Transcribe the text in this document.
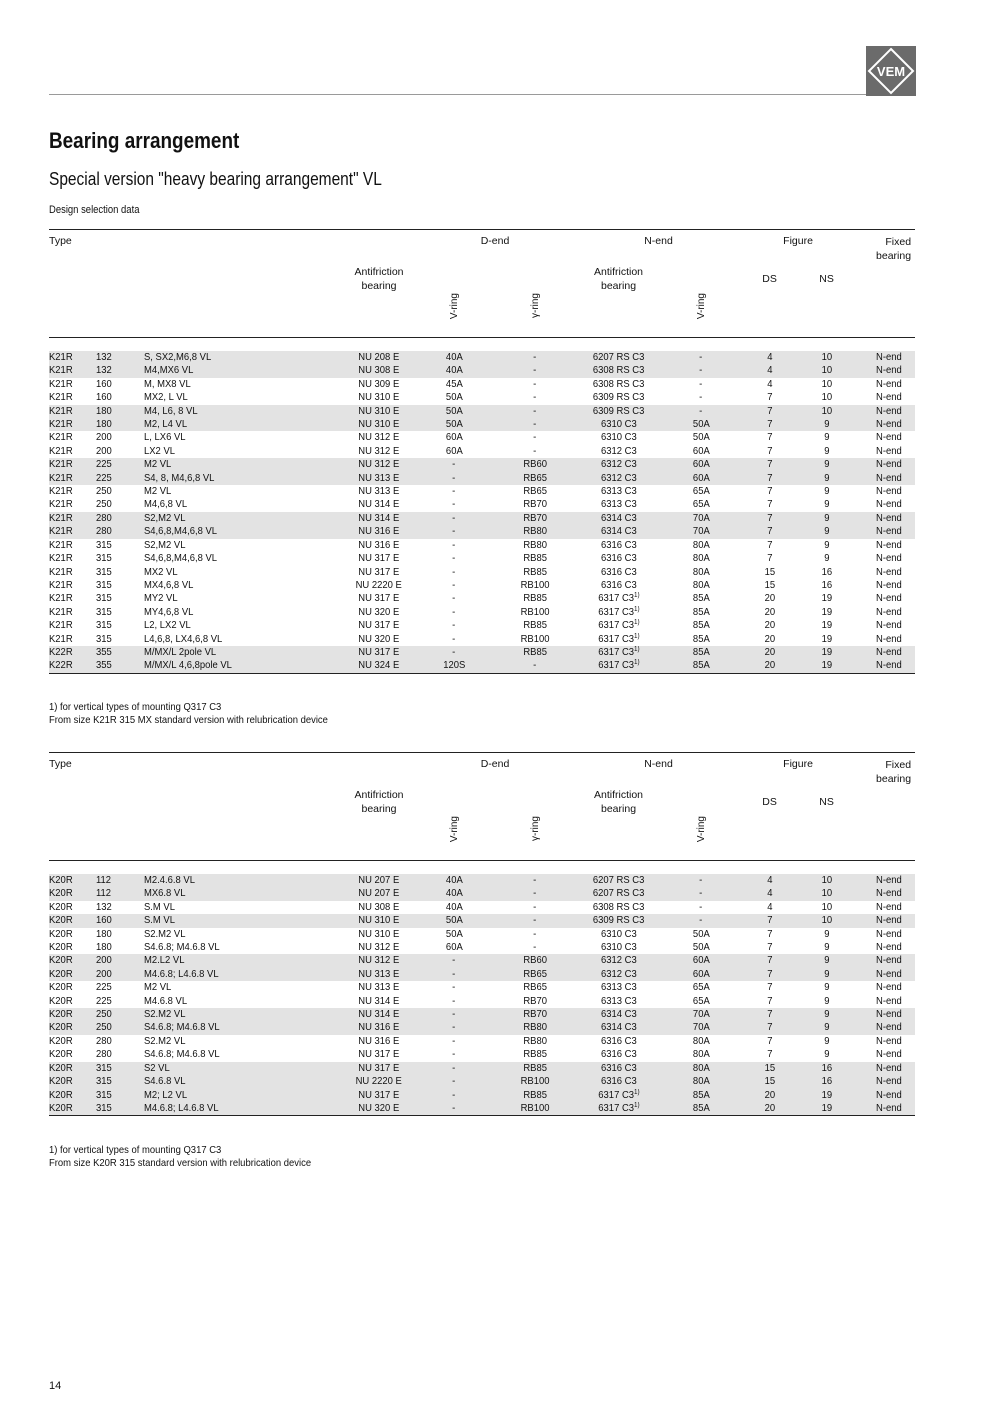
VEM
Bearing arrangement
Special version "heavy bearing arrangement" VL
Design selection data
Type				D-end		N-end		Figure		Fixed bearing
			Antifriction bearing			Antifriction bearing		DS	NS	
				V-ring	γ-ring		V-ring			

K21R	132	S, SX2,M6,8 VL	NU 208 E	40A	-	6207 RS C3	-	4	10	N-end
K21R	132	M4,MX6 VL	NU 308 E	40A	-	6308 RS C3	-	4	10	N-end
K21R	160	M, MX8 VL	NU 309 E	45A	-	6308 RS C3	-	4	10	N-end
K21R	160	MX2, L VL	NU 310 E	50A	-	6309 RS C3	-	7	10	N-end
K21R	180	M4, L6, 8 VL	NU 310 E	50A	-	6309 RS C3	-	7	10	N-end
K21R	180	M2, L4 VL	NU 310 E	50A	-	6310 C3	50A	7	9	N-end
K21R	200	L, LX6 VL	NU 312 E	60A	-	6310 C3	50A	7	9	N-end
K21R	200	LX2 VL	NU 312 E	60A	-	6312 C3	60A	7	9	N-end
K21R	225	M2 VL	NU 312 E	-	RB60	6312 C3	60A	7	9	N-end
K21R	225	S4, 8, M4,6,8 VL	NU 313 E	-	RB65	6312 C3	60A	7	9	N-end
K21R	250	M2 VL	NU 313 E	-	RB65	6313 C3	65A	7	9	N-end
K21R	250	M4,6,8 VL	NU 314 E	-	RB70	6313 C3	65A	7	9	N-end
K21R	280	S2,M2 VL	NU 314 E	-	RB70	6314 C3	70A	7	9	N-end
K21R	280	S4,6,8,M4,6,8 VL	NU 316 E	-	RB80	6314 C3	70A	7	9	N-end
K21R	315	S2,M2 VL	NU 316 E	-	RB80	6316 C3	80A	7	9	N-end
K21R	315	S4,6,8,M4,6,8 VL	NU 317 E	-	RB85	6316 C3	80A	7	9	N-end
K21R	315	MX2 VL	NU 317 E	-	RB85	6316 C3	80A	15	16	N-end
K21R	315	MX4,6,8 VL	NU 2220 E	-	RB100	6316 C3	80A	15	16	N-end
K21R	315	MY2 VL	NU 317 E	-	RB85	6317 C3$^{1)}$	85A	20	19	N-end
K21R	315	MY4,6,8 VL	NU 320 E	-	RB100	6317 C3$^{1)}$	85A	20	19	N-end
K21R	315	L2, LX2 VL	NU 317 E	-	RB85	6317 C3$^{1)}$	85A	20	19	N-end
K21R	315	L4,6,8, LX4,6,8 VL	NU 320 E	-	RB100	6317 C3$^{1)}$	85A	20	19	N-end
K22R	355	M/MX/L 2pole VL	NU 317 E	-	RB85	6317 C3$^{1)}$	85A	20	19	N-end
K22R	355	M/MX/L 4,6,8pole VL	NU 324 E	120S	-	6317 C3$^{1)}$	85A	20	19	N-end
1) for vertical types of mounting Q317 C3
From size K21R 315 MX standard version with relubrication device
Type				D-end		N-end		Figure		Fixed bearing
			Antifriction bearing			Antifriction bearing		DS	NS	
				V-ring	γ-ring		V-ring			

K20R	112	M2.4.6.8 VL	NU 207 E	40A	-	6207 RS C3	-	4	10	N-end
K20R	112	MX6.8 VL	NU 207 E	40A	-	6207 RS C3	-	4	10	N-end
K20R	132	S.M VL	NU 308 E	40A	-	6308 RS C3	-	4	10	N-end
K20R	160	S.M VL	NU 310 E	50A	-	6309 RS C3	-	7	10	N-end
K20R	180	S2.M2 VL	NU 310 E	50A	-	6310 C3	50A	7	9	N-end
K20R	180	S4.6.8; M4.6.8 VL	NU 312 E	60A	-	6310 C3	50A	7	9	N-end
K20R	200	M2.L2 VL	NU 312 E	-	RB60	6312 C3	60A	7	9	N-end
K20R	200	M4.6.8; L4.6.8 VL	NU 313 E	-	RB65	6312 C3	60A	7	9	N-end
K20R	225	M2 VL	NU 313 E	-	RB65	6313 C3	65A	7	9	N-end
K20R	225	M4.6.8 VL	NU 314 E	-	RB70	6313 C3	65A	7	9	N-end
K20R	250	S2.M2 VL	NU 314 E	-	RB70	6314 C3	70A	7	9	N-end
K20R	250	S4.6.8; M4.6.8 VL	NU 316 E	-	RB80	6314 C3	70A	7	9	N-end
K20R	280	S2.M2 VL	NU 316 E	-	RB80	6316 C3	80A	7	9	N-end
K20R	280	S4.6.8; M4.6.8 VL	NU 317 E	-	RB85	6316 C3	80A	7	9	N-end
K20R	315	S2 VL	NU 317 E	-	RB85	6316 C3	80A	15	16	N-end
K20R	315	S4.6.8 VL	NU 2220 E	-	RB100	6316 C3	80A	15	16	N-end
K20R	315	M2; L2 VL	NU 317 E	-	RB85	6317 C3$^{1)}$	85A	20	19	N-end
K20R	315	M4.6.8; L4.6.8 VL	NU 320 E	-	RB100	6317 C3$^{1)}$	85A	20	19	N-end
1) for vertical types of mounting Q317 C3
From size K20R 315 standard version with relubrication device
14
